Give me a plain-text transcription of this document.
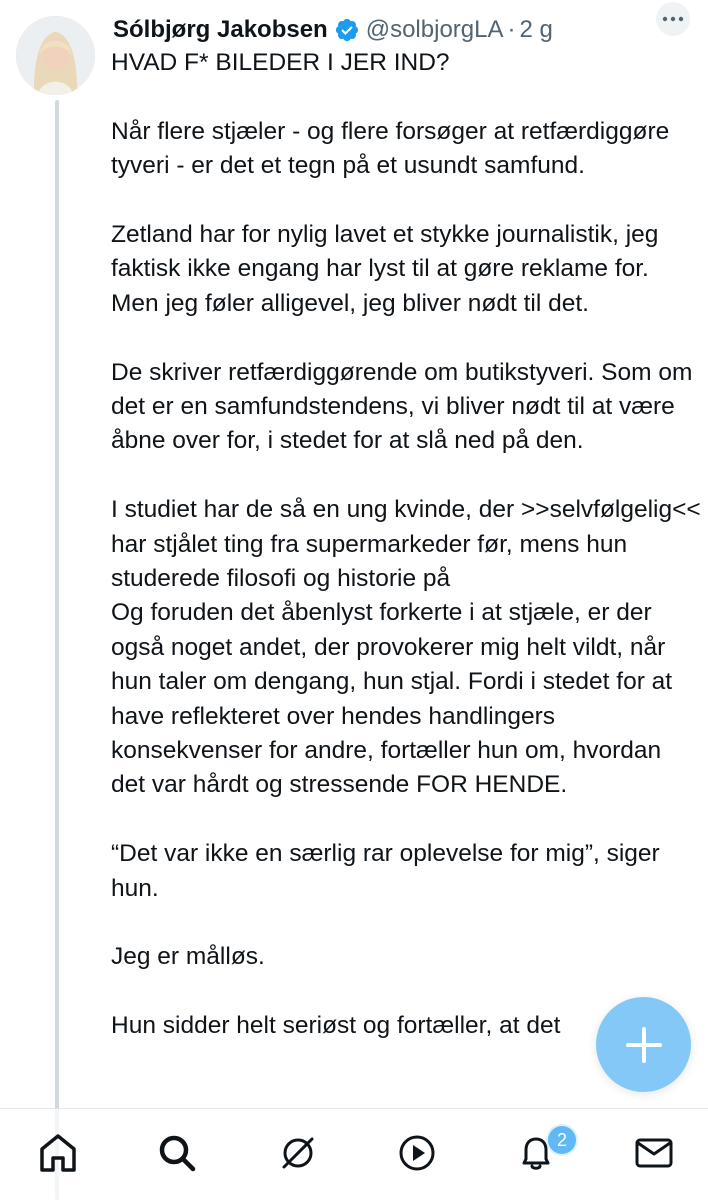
Sólbjørg Jakobsen @solbjorgLA · 2 g

HVAD F* BILEDER I JER IND?

Når flere stjæler - og flere forsøger at retfærdiggøre tyveri - er det et tegn på et usundt samfund.

Zetland har for nylig lavet et stykke journalistik, jeg faktisk ikke engang har lyst til at gøre reklame for. Men jeg føler alligevel, jeg bliver nødt til det.

De skriver retfærdiggørende om butikstyveri. Som om det er en samfundstendens, vi bliver nødt til at være åbne over for, i stedet for at slå ned på den.

I studiet har de så en ung kvinde, der >>selvfølgelig<< har stjålet ting fra supermarkeder før, mens hun studerede filosofi og historie på
Og foruden det åbenlyst forkerte i at stjæle, er der også noget andet, der provokerer mig helt vildt, når hun taler om dengang, hun stjal. Fordi i stedet for at have reflekteret over hendes handlingers konsekvenser for andre, fortæller hun om, hvordan det var hårdt og stressende FOR HENDE.

“Det var ikke en særlig rar oplevelse for mig”, siger hun.

Jeg er målløs.

Hun sidder helt seriøst og fortæller, at det

2
